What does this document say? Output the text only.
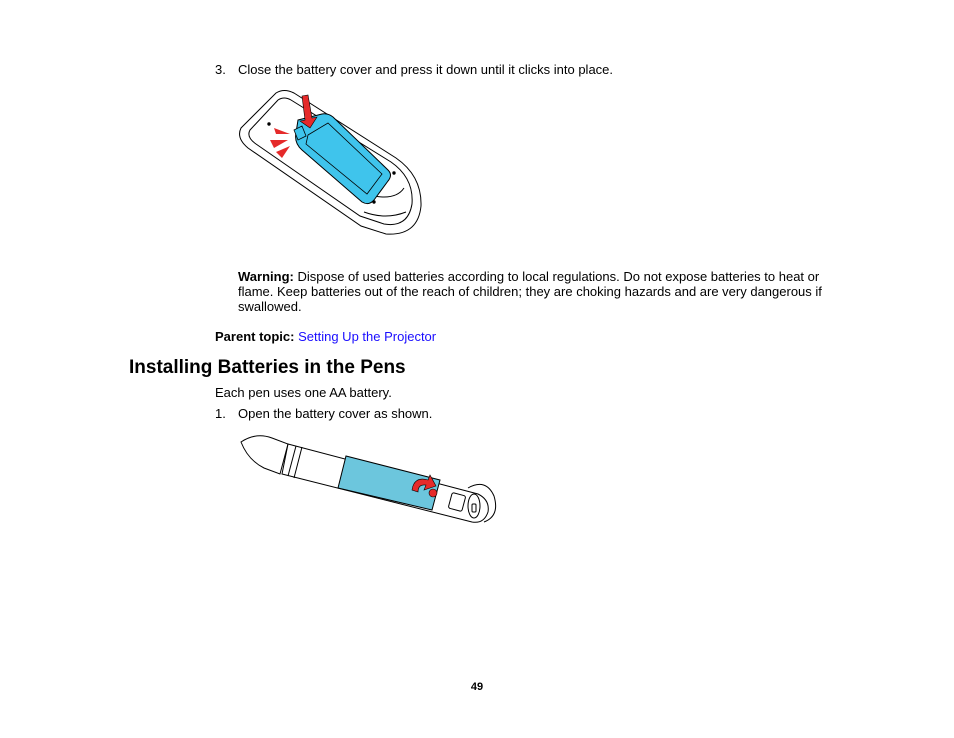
3. Close the battery cover and press it down until it clicks into place.
Warning: Dispose of used batteries according to local regulations. Do not expose batteries to heat or flame. Keep batteries out of the reach of children; they are choking hazards and are very dangerous if swallowed.
Parent topic: Setting Up the Projector
Installing Batteries in the Pens
Each pen uses one AA battery.
1. Open the battery cover as shown.
49
